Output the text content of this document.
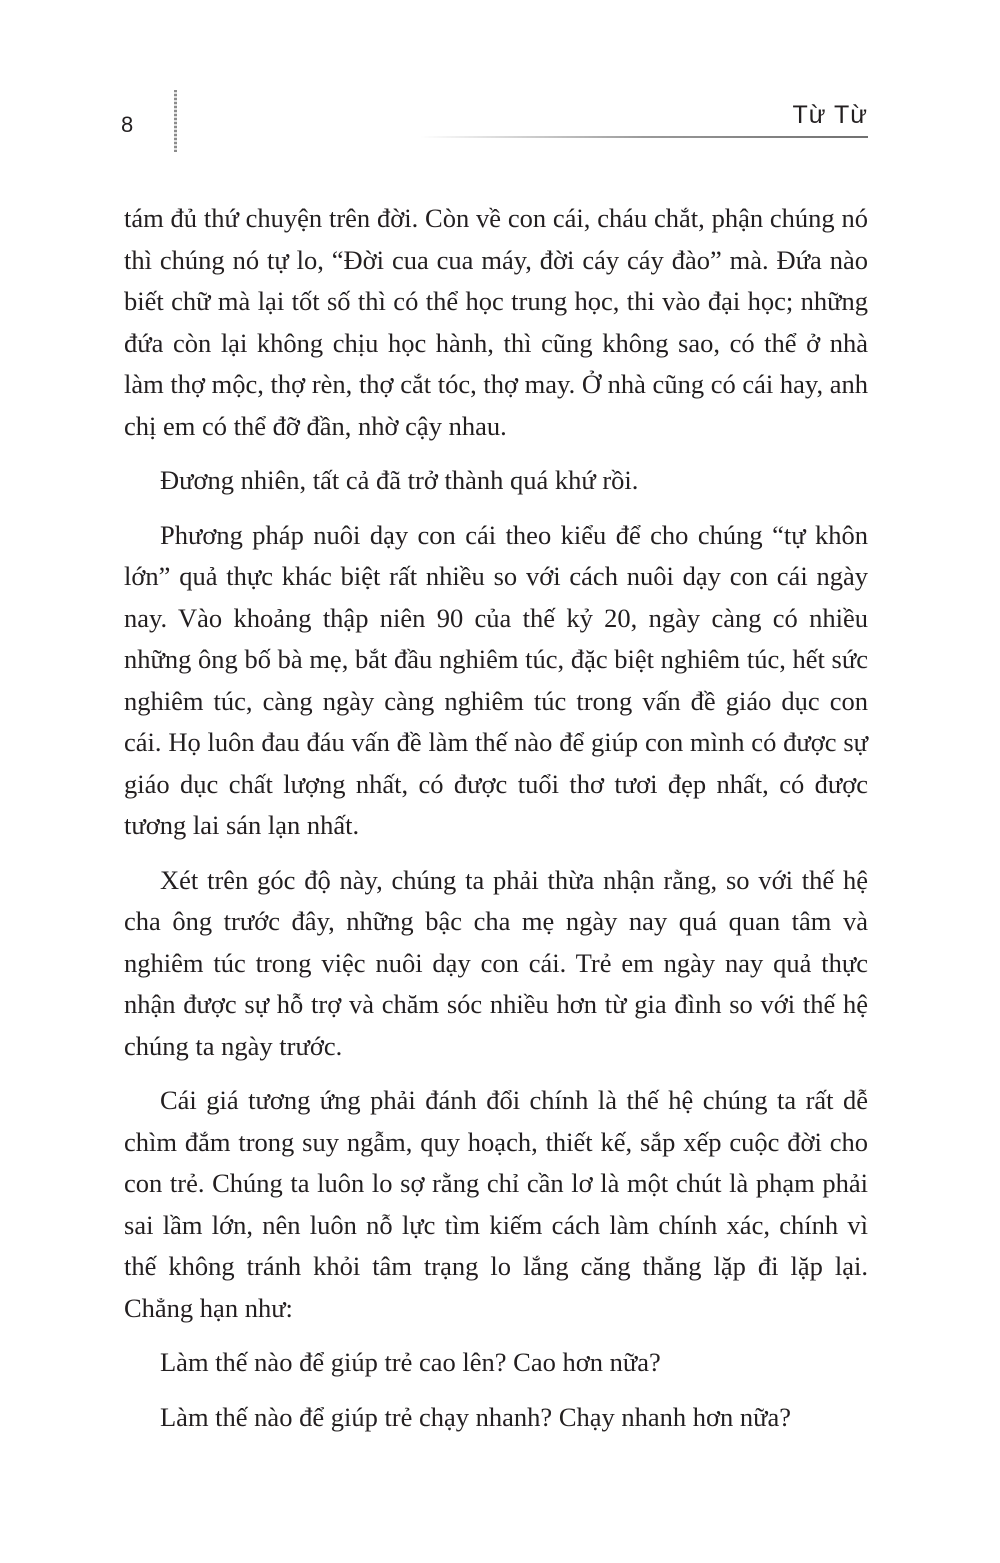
8	Từ Từ

tám đủ thứ chuyện trên đời. Còn về con cái, cháu chắt, phận chúng nó thì chúng nó tự lo, “Đời cua cua máy, đời cáy cáy đào” mà. Đứa nào biết chữ mà lại tốt số thì có thể học trung học, thi vào đại học; những đứa còn lại không chịu học hành, thì cũng không sao, có thể ở nhà làm thợ mộc, thợ rèn, thợ cắt tóc, thợ may. Ở nhà cũng có cái hay, anh chị em có thể đỡ đần, nhờ cậy nhau.

Đương nhiên, tất cả đã trở thành quá khứ rồi.

Phương pháp nuôi dạy con cái theo kiểu để cho chúng “tự khôn lớn” quả thực khác biệt rất nhiều so với cách nuôi dạy con cái ngày nay. Vào khoảng thập niên 90 của thế kỷ 20, ngày càng có nhiều những ông bố bà mẹ, bắt đầu nghiêm túc, đặc biệt nghiêm túc, hết sức nghiêm túc, càng ngày càng nghiêm túc trong vấn đề giáo dục con cái. Họ luôn đau đáu vấn đề làm thế nào để giúp con mình có được sự giáo dục chất lượng nhất, có được tuổi thơ tươi đẹp nhất, có được tương lai sán lạn nhất.

Xét trên góc độ này, chúng ta phải thừa nhận rằng, so với thế hệ cha ông trước đây, những bậc cha mẹ ngày nay quá quan tâm và nghiêm túc trong việc nuôi dạy con cái. Trẻ em ngày nay quả thực nhận được sự hỗ trợ và chăm sóc nhiều hơn từ gia đình so với thế hệ chúng ta ngày trước.

Cái giá tương ứng phải đánh đổi chính là thế hệ chúng ta rất dễ chìm đắm trong suy ngẫm, quy hoạch, thiết kế, sắp xếp cuộc đời cho con trẻ. Chúng ta luôn lo sợ rằng chỉ cần lơ là một chút là phạm phải sai lầm lớn, nên luôn nỗ lực tìm kiếm cách làm chính xác, chính vì thế không tránh khỏi tâm trạng lo lắng căng thẳng lặp đi lặp lại. Chẳng hạn như:

Làm thế nào để giúp trẻ cao lên? Cao hơn nữa?

Làm thế nào để giúp trẻ chạy nhanh? Chạy nhanh hơn nữa?
